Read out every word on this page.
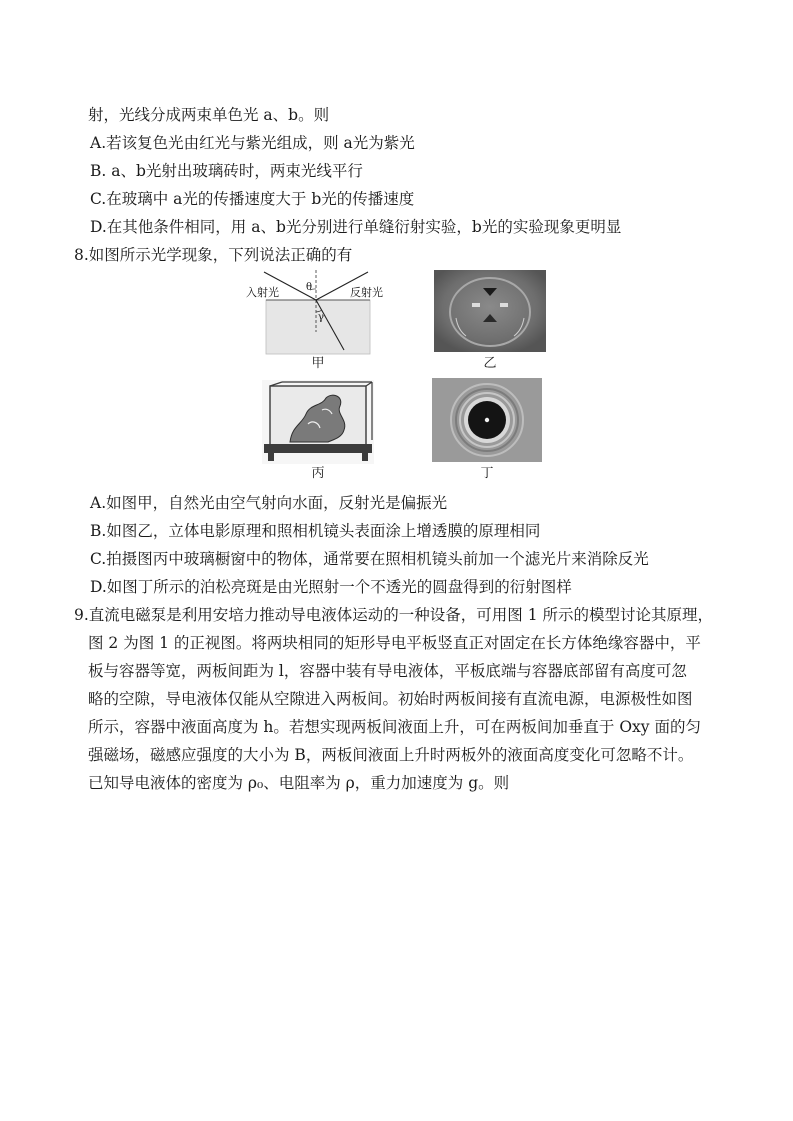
射，光线分成两束单色光 a、b。则
A.若该复色光由红光与紫光组成，则 a光为紫光
B. a、b光射出玻璃砖时，两束光线平行
C.在玻璃中 a光的传播速度大于 b光的传播速度
D.在其他条件相同，用 a、b光分别进行单缝衍射实验，b光的实验现象更明显
8.如图所示光学现象，下列说法正确的有
入射光	反射光
θ
γ
甲	乙
丙	丁
A.如图甲，自然光由空气射向水面，反射光是偏振光
B.如图乙，立体电影原理和照相机镜头表面涂上增透膜的原理相同
C.拍摄图丙中玻璃橱窗中的物体，通常要在照相机镜头前加一个滤光片来消除反光
D.如图丁所示的泊松亮斑是由光照射一个不透光的圆盘得到的衍射图样
9.直流电磁泵是利用安培力推动导电液体运动的一种设备，可用图 1 所示的模型讨论其原理，
图 2 为图 1 的正视图。将两块相同的矩形导电平板竖直正对固定在长方体绝缘容器中，平
板与容器等宽，两板间距为 l，容器中装有导电液体，平板底端与容器底部留有高度可忽
略的空隙，导电液体仅能从空隙进入两板间。初始时两板间接有直流电源，电源极性如图
所示，容器中液面高度为 h。若想实现两板间液面上升，可在两板间加垂直于 Oxy 面的匀
强磁场，磁感应强度的大小为 B，两板间液面上升时两板外的液面高度变化可忽略不计。
已知导电液体的密度为 ρ₀、电阻率为 ρ，重力加速度为 g。则
